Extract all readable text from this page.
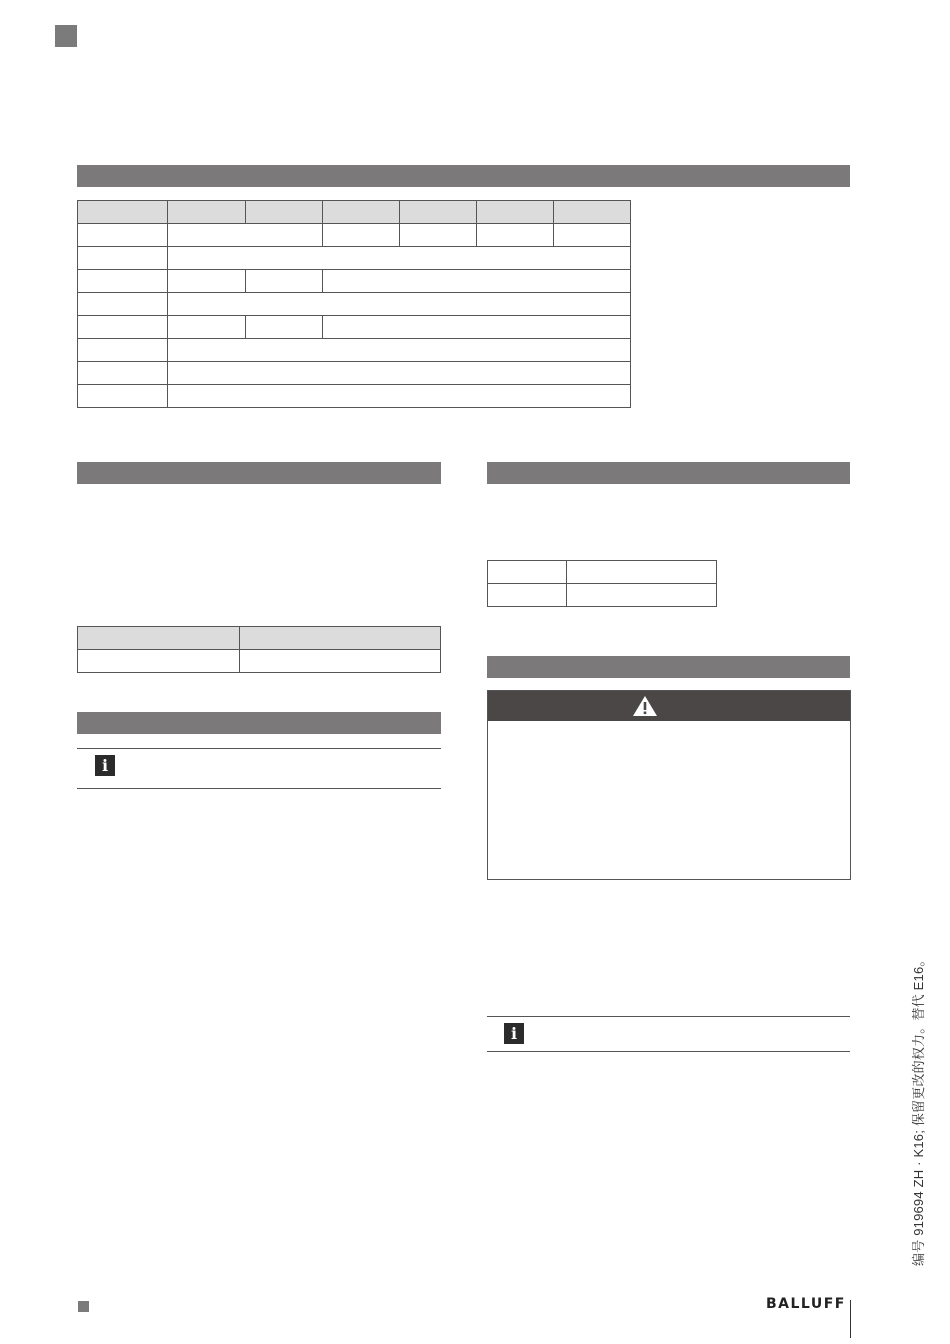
i

i	编号 919694 ZH · K16; 保留更改的权力。替代 E16。
BALLUFF
